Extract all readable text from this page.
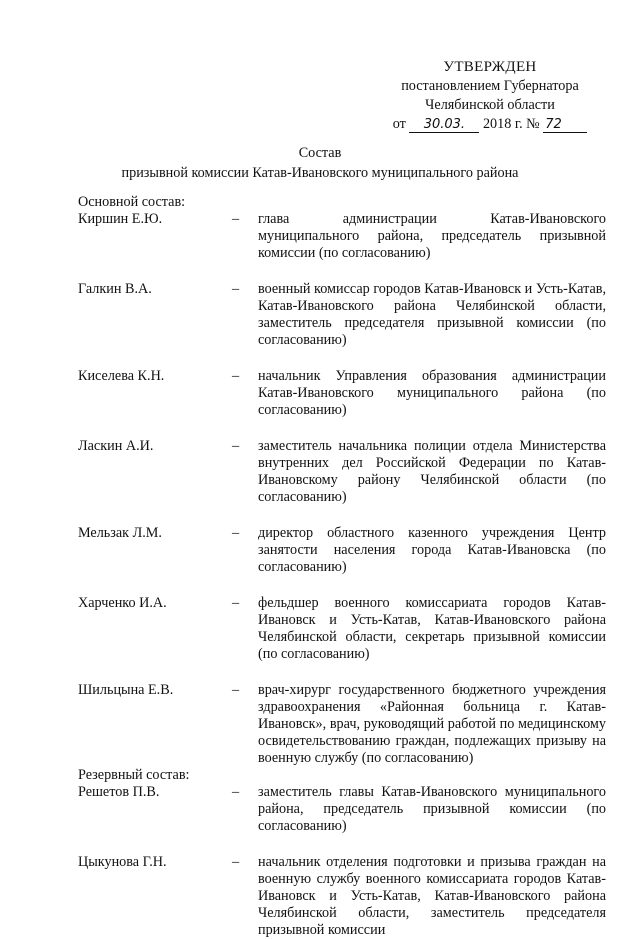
УТВЕРЖДЕН
постановлением Губернатора
Челябинской области
от 30.03. 2018 г. № 72
Состав
призывной комиссии Катав-Ивановского муниципального района
Основной состав:
Киршин Е.Ю.	–	глава администрации Катав-Ивановского муниципального района, председатель призывной комиссии (по согласованию)
Галкин В.А.	–	военный комиссар городов Катав-Ивановск и Усть-Катав, Катав-Ивановского района Челябинской области, заместитель председателя призывной комиссии (по согласованию)
Киселева К.Н.	–	начальник Управления образования администрации Катав-Ивановского муниципального района (по согласованию)
Ласкин А.И.	–	заместитель начальника полиции отдела Министерства внутренних дел Российской Федерации по Катав-Ивановскому району Челябинской области (по согласованию)
Мельзак Л.М.	–	директор областного казенного учреждения Центр занятости населения города Катав-Ивановска (по согласованию)
Харченко И.А.	–	фельдшер военного комиссариата городов Катав-Ивановск и Усть-Катав, Катав-Ивановского района Челябинской области, секретарь призывной комиссии (по согласованию)
Шильцына Е.В.	–	врач-хирург государственного бюджетного учреждения здравоохранения «Районная больница г. Катав-Ивановск», врач, руководящий работой по медицинскому освидетельствованию граждан, подлежащих призыву на военную службу (по согласованию)
Резервный состав:
Решетов П.В.	–	заместитель главы Катав-Ивановского муниципального района, председатель призывной комиссии (по согласованию)
Цыкунова Г.Н.	–	начальник отделения подготовки и призыва граждан на военную службу военного комиссариата городов Катав-Ивановск и Усть-Катав, Катав-Ивановского района Челябинской области, заместитель председателя призывной комиссии
